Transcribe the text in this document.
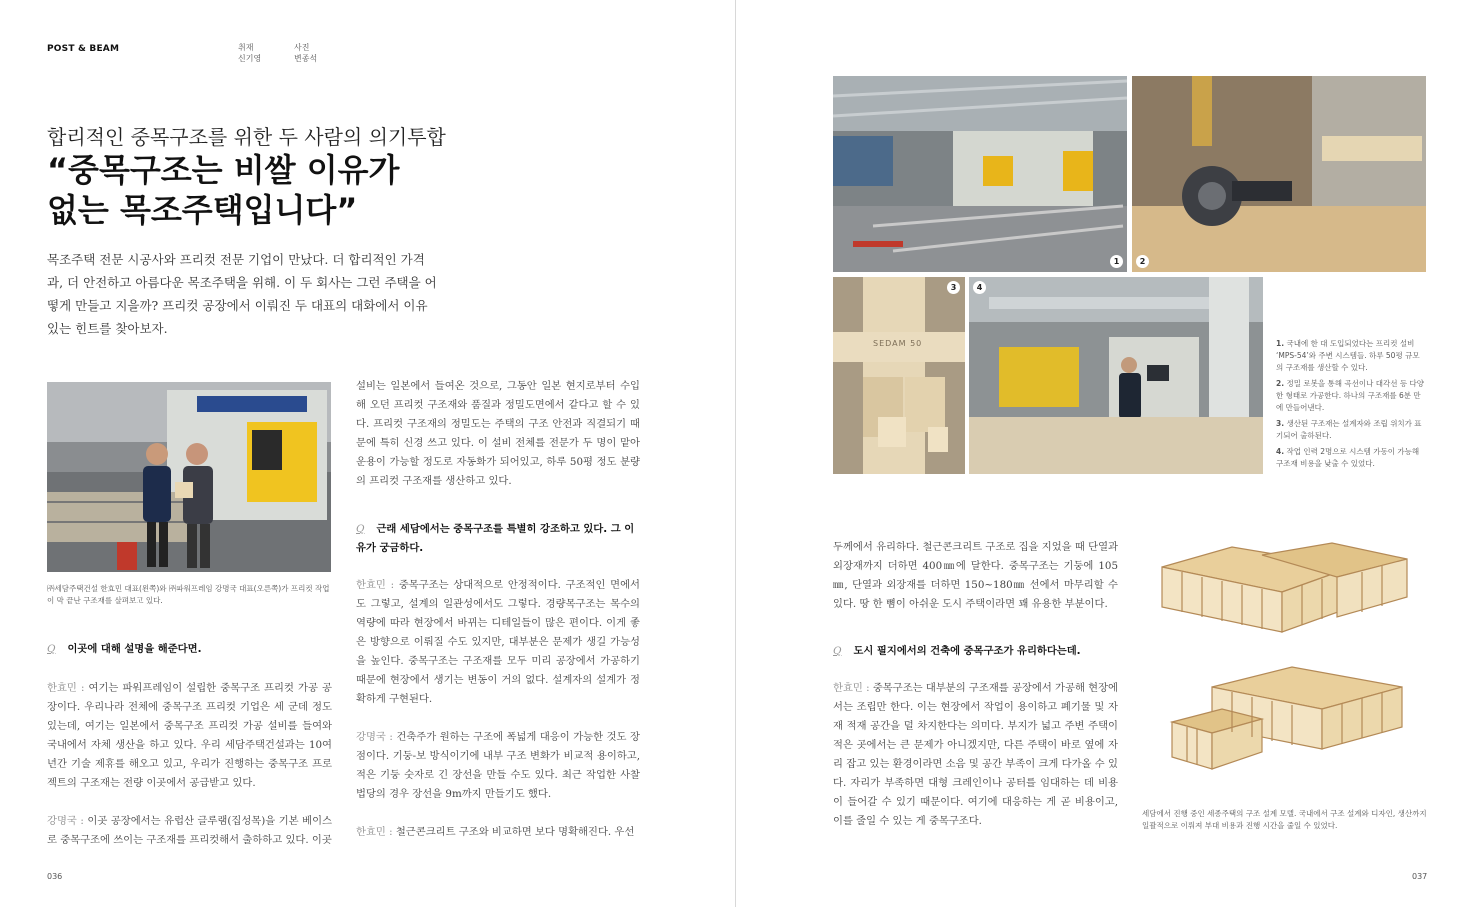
POST & BEAM	취재
신기영
사진
변종석
합리적인 중목구조를 위한 두 사람의 의기투합
“중목구조는 비쌀 이유가
없는 목조주택입니다”
목조주택 전문 시공사와 프리컷 전문 기업이 만났다. 더 합리적인 가격과, 더 안전하고 아름다운 목조주택을 위해. 이 두 회사는 그런 주택을 어떻게 만들고 지을까? 프리컷 공장에서 이뤄진 두 대표의 대화에서 이유 있는 힌트를 찾아보자.
㈜세담주택건설 한효민 대표(왼쪽)와 ㈜파워프레임 강명국 대표(오른쪽)가 프리컷 작업이 막 끝난 구조재를 살펴보고 있다.
Q 이곳에 대해 설명을 해준다면.
한효민 : 여기는 파워프레임이 설립한 중목구조 프리컷 가공 공장이다. 우리나라 전체에 중목구조 프리컷 기업은 세 군데 정도 있는데, 여기는 일본에서 중목구조 프리컷 가공 설비를 들여와 국내에서 자체 생산을 하고 있다. 우리 세담주택건설과는 10여 년간 기술 제휴를 해오고 있고, 우리가 진행하는 중목구조 프로젝트의 구조재는 전량 이곳에서 공급받고 있다.
강명국 : 이곳 공장에서는 유럽산 글루램(집성목)을 기본 베이스로 중목구조에 쓰이는 구조재를 프리컷해서 출하하고 있다. 이곳
설비는 일본에서 들여온 것으로, 그동안 일본 현지로부터 수입해 오던 프리컷 구조재와 품질과 정밀도면에서 같다고 할 수 있다. 프리컷 구조재의 정밀도는 주택의 구조 안전과 직결되기 때문에 특히 신경 쓰고 있다. 이 설비 전체를 전문가 두 명이 맡아 운용이 가능할 정도로 자동화가 되어있고, 하루 50평 정도 분량의 프리컷 구조재를 생산하고 있다.
Q 근래 세담에서는 중목구조를 특별히 강조하고 있다. 그 이유가 궁금하다.
한효민 : 중목구조는 상대적으로 안정적이다. 구조적인 면에서도 그렇고, 설계의 일관성에서도 그렇다. 경량목구조는 목수의 역량에 따라 현장에서 바뀌는 디테일들이 많은 편이다. 이게 좋은 방향으로 이뤄질 수도 있지만, 대부분은 문제가 생길 가능성을 높인다. 중목구조는 구조재를 모두 미리 공장에서 가공하기 때문에 현장에서 생기는 변동이 거의 없다. 설계자의 설계가 정확하게 구현된다.
강명국 : 건축주가 원하는 구조에 폭넓게 대응이 가능한 것도 장점이다. 기둥-보 방식이기에 내부 구조 변화가 비교적 용이하고, 적은 기둥 숫자로 긴 장선을 만들 수도 있다. 최근 작업한 사찰 법당의 경우 장선을 9m까지 만들기도 했다.
한효민 : 철근콘크리트 구조와 비교하면 보다 명확해진다. 우선
036
1	2
SEDAM 50
3	4
1. 국내에 한 대 도입되었다는 프리컷 설비 ‘MPS-54’와 주변 시스템들. 하루 50평 규모의 구조재를 생산할 수 있다.
2. 정밀 로봇을 통해 곡선이나 대각선 등 다양한 형태로 가공한다. 하나의 구조재를 6분 만에 만들어낸다.
3. 생산된 구조재는 설계자와 조립 위치가 표기되어 출하된다.
4. 작업 인력 2명으로 시스템 가동이 가능해 구조재 비용을 낮출 수 있었다.
두께에서 유리하다. 철근콘크리트 구조로 집을 지었을 때 단열과 외장재까지 더하면 400㎜에 달한다. 중목구조는 기둥에 105㎜, 단열과 외장재를 더하면 150~180㎜ 선에서 마무리할 수 있다. 땅 한 뼘이 아쉬운 도시 주택이라면 꽤 유용한 부분이다.
Q 도시 필지에서의 건축에 중목구조가 유리하다는데.
한효민 : 중목구조는 대부분의 구조재를 공장에서 가공해 현장에서는 조립만 한다. 이는 현장에서 작업이 용이하고 폐기물 및 자재 적재 공간을 덜 차지한다는 의미다. 부지가 넓고 주변 주택이 적은 곳에서는 큰 문제가 아니겠지만, 다른 주택이 바로 옆에 자리 잡고 있는 환경이라면 소음 및 공간 부족이 크게 다가올 수 있다. 자리가 부족하면 대형 크레인이나 공터를 임대하는 데 비용이 들어갈 수 있기 때문이다. 여기에 대응하는 게 곧 비용이고, 이를 줄일 수 있는 게 중목구조다.
세담에서 진행 중인 세종주택의 구조 설계 모델. 국내에서 구조 설계와 디자인, 생산까지 일괄적으로 이뤄져 부대 비용과 진행 시간을 줄일 수 있었다.
037
